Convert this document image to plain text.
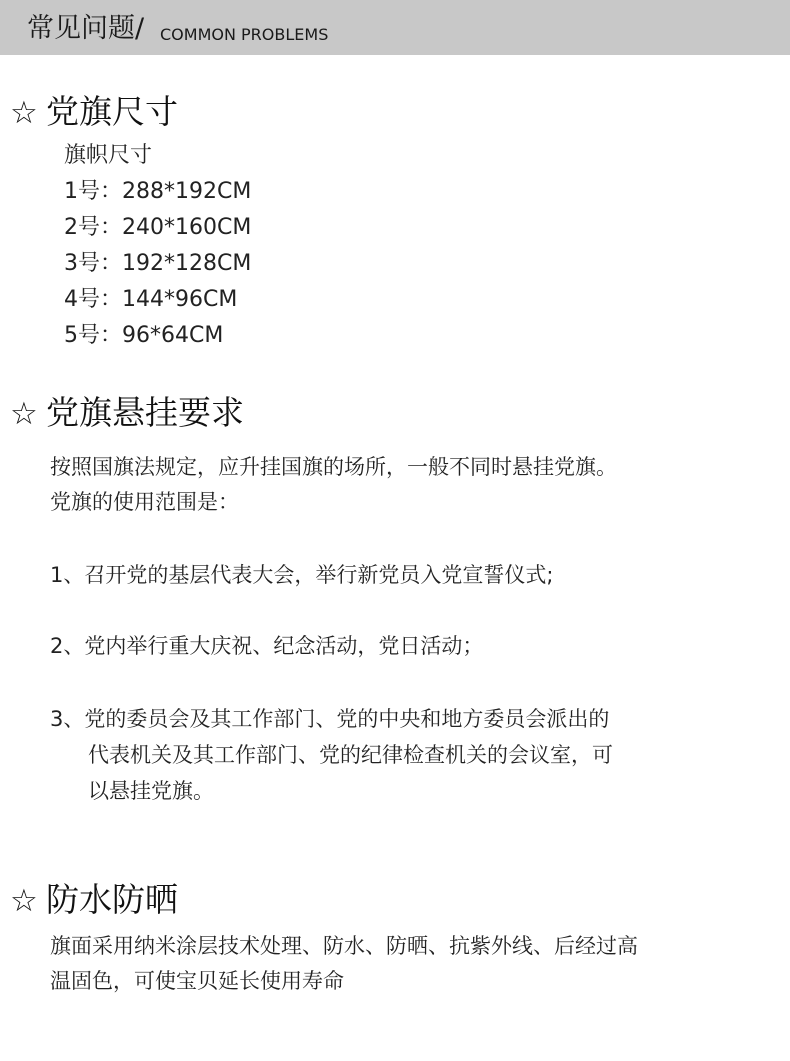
常见问题/ COMMON PROBLEMS
☆ 党旗尺寸
旗帜尺寸
1号：288*192CM
2号：240*160CM
3号：192*128CM
4号：144*96CM
5号：96*64CM
☆ 党旗悬挂要求
按照国旗法规定，应升挂国旗的场所，一般不同时悬挂党旗。
党旗的使用范围是：
1、召开党的基层代表大会，举行新党员入党宣誓仪式;
2、党内举行重大庆祝、纪念活动，党日活动；
3、党的委员会及其工作部门、党的中央和地方委员会派出的
代表机关及其工作部门、党的纪律检查机关的会议室，可
以悬挂党旗。
☆ 防水防晒
旗面采用纳米涂层技术处理、防水、防晒、抗紫外线、后经过高
温固色，可使宝贝延长使用寿命
